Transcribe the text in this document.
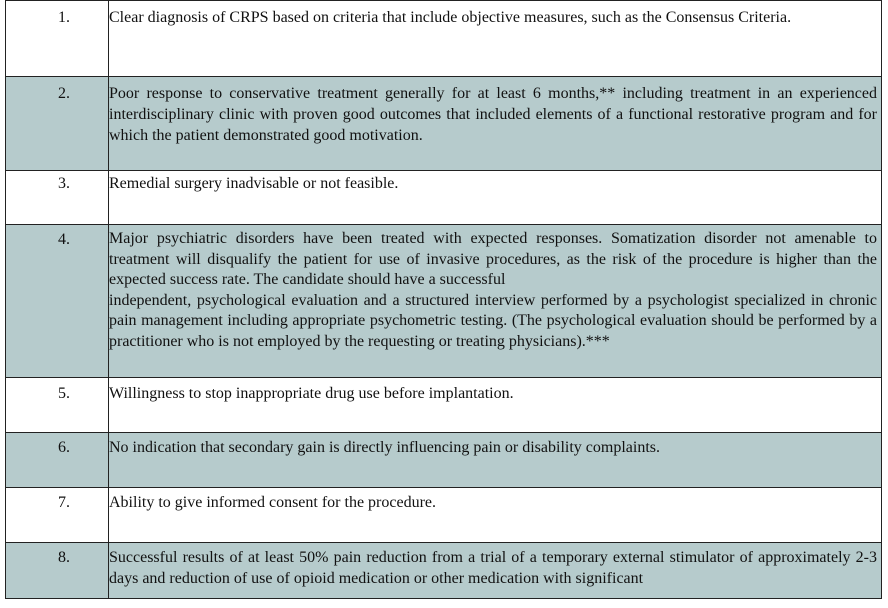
1.	Clear diagnosis of CRPS based on criteria that include objective measures, such as the Consensus Criteria.

2.	Poor response to conservative treatment generally for at least 6 months,** including treatment in an experienced interdisciplinary clinic with proven good outcomes that included elements of a functional restorative program and for which the patient demonstrated good motivation.

3.	Remedial surgery inadvisable or not feasible.

4.	Major psychiatric disorders have been treated with expected responses. Somatization disorder not amenable to treatment will disqualify the patient for use of invasive procedures, as the risk of the procedure is higher than the expected success rate. The candidate should have a successful
independent, psychological evaluation and a structured interview performed by a psychologist specialized in chronic pain management including appropriate psychometric testing. (The psychological evaluation should be performed by a practitioner who is not employed by the requesting or treating physicians).***

5.	Willingness to stop inappropriate drug use before implantation.

6.	No indication that secondary gain is directly influencing pain or disability complaints.

7.	Ability to give informed consent for the procedure.

8.	Successful results of at least 50% pain reduction from a trial of a temporary external stimulator of approximately 2-3 days and reduction of use of opioid medication or other medication with significant
